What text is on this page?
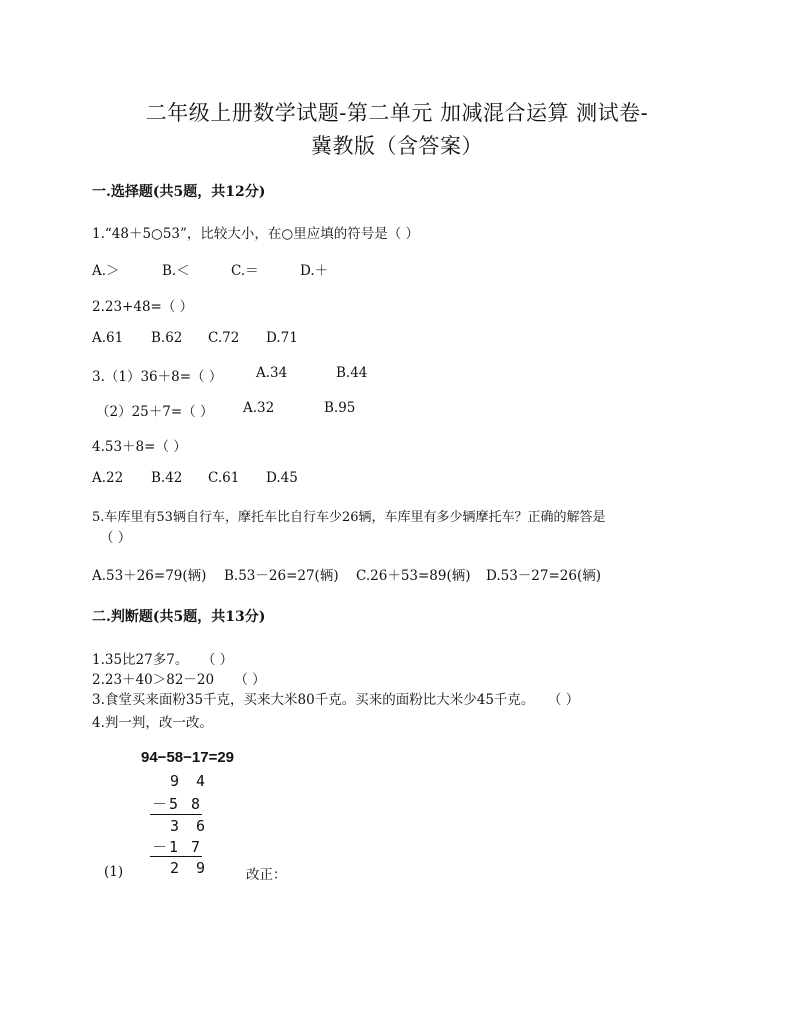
二年级上册数学试题-第二单元 加减混合运算 测试卷-
冀教版（含答案）
一.选择题(共5题，共12分)
1.“48＋5○53”，比较大小，在○里应填的符号是（ ）
A.＞	B.＜	C.＝	D.＋
2.23+48=（ ）
A.61 B.62 C.72 D.71
3.（1）36＋8=（ ） A.34	B.44
（2）25＋7=（ ） A.32	B.95
4.53＋8=（ ）
A.22 B.42 C.61 D.45
5.车库里有53辆自行车，摩托车比自行车少26辆，车库里有多少辆摩托车？正确的解答是
（ ）
A.53＋26=79(辆) B.53－26=27(辆) C.26＋53=89(辆) D.53－27=26(辆)
二.判断题(共5题，共13分)
1.35比27多7。　　（ ）
2.23＋40＞82－20　　（ ）
3.食堂买来面粉35千克，买来大米80千克。买来的面粉比大米少45千克。　　（ ）
4.判一判，改一改。
94−58−17=29
9 4
－5 8
3 6
－1 7
2 9
(1)	改正：
